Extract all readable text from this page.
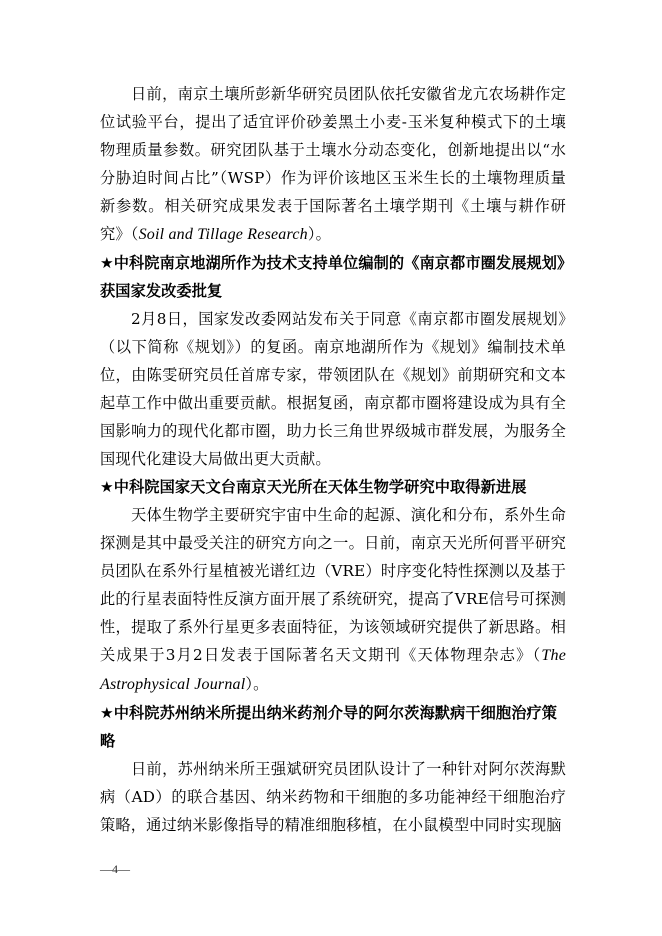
日前，南京土壤所彭新华研究员团队依托安徽省龙亢农场耕作定位试验平台，提出了适宜评价砂姜黑土小麦-玉米复种模式下的土壤物理质量参数。研究团队基于土壤水分动态变化，创新地提出以“水分胁迫时间占比”（WSP）作为评价该地区玉米生长的土壤物理质量新参数。相关研究成果发表于国际著名土壤学期刊《土壤与耕作研究》（Soil and Tillage Research）。

★中科院南京地湖所作为技术支持单位编制的《南京都市圈发展规划》获国家发改委批复

2月8日，国家发改委网站发布关于同意《南京都市圈发展规划》（以下简称《规划》）的复函。南京地湖所作为《规划》编制技术单位，由陈雯研究员任首席专家，带领团队在《规划》前期研究和文本起草工作中做出重要贡献。根据复函，南京都市圈将建设成为具有全国影响力的现代化都市圈，助力长三角世界级城市群发展，为服务全国现代化建设大局做出更大贡献。

★中科院国家天文台南京天光所在天体生物学研究中取得新进展

天体生物学主要研究宇宙中生命的起源、演化和分布，系外生命探测是其中最受关注的研究方向之一。日前，南京天光所何晋平研究员团队在系外行星植被光谱红边（VRE）时序变化特性探测以及基于此的行星表面特性反演方面开展了系统研究，提高了VRE信号可探测性，提取了系外行星更多表面特征，为该领域研究提供了新思路。相关成果于3月2日发表于国际著名天文期刊《天体物理杂志》（The Astrophysical Journal）。

★中科院苏州纳米所提出纳米药剂介导的阿尔茨海默病干细胞治疗策略

日前，苏州纳米所王强斌研究员团队设计了一种针对阿尔茨海默病（AD）的联合基因、纳米药物和干细胞的多功能神经干细胞治疗策略，通过纳米影像指导的精准细胞移植，在小鼠模型中同时实现脑

—4—
